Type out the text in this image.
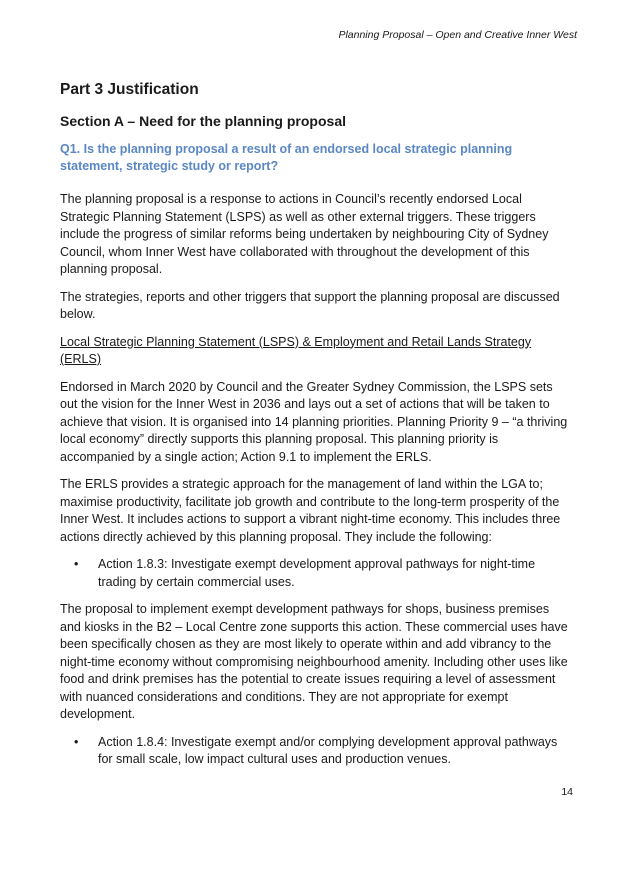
Planning Proposal – Open and Creative Inner West
Part 3 Justification
Section A – Need for the planning proposal
Q1. Is the planning proposal a result of an endorsed local strategic planning statement, strategic study or report?

The planning proposal is a response to actions in Council’s recently endorsed Local Strategic Planning Statement (LSPS) as well as other external triggers. These triggers include the progress of similar reforms being undertaken by neighbouring City of Sydney Council, whom Inner West have collaborated with throughout the development of this planning proposal.

The strategies, reports and other triggers that support the planning proposal are discussed below.

Local Strategic Planning Statement (LSPS) & Employment and Retail Lands Strategy (ERLS)

Endorsed in March 2020 by Council and the Greater Sydney Commission, the LSPS sets out the vision for the Inner West in 2036 and lays out a set of actions that will be taken to achieve that vision. It is organised into 14 planning priorities. Planning Priority 9 – “a thriving local economy” directly supports this planning proposal. This planning priority is accompanied by a single action; Action 9.1 to implement the ERLS.

The ERLS provides a strategic approach for the management of land within the LGA to; maximise productivity, facilitate job growth and contribute to the long-term prosperity of the Inner West. It includes actions to support a vibrant night-time economy. This includes three actions directly achieved by this planning proposal. They include the following:

• Action 1.8.3: Investigate exempt development approval pathways for night-time trading by certain commercial uses.

The proposal to implement exempt development pathways for shops, business premises and kiosks in the B2 – Local Centre zone supports this action. These commercial uses have been specifically chosen as they are most likely to operate within and add vibrancy to the night-time economy without compromising neighbourhood amenity. Including other uses like food and drink premises has the potential to create issues requiring a level of assessment with nuanced considerations and conditions. They are not appropriate for exempt development.

• Action 1.8.4: Investigate exempt and/or complying development approval pathways for small scale, low impact cultural uses and production venues.
14
